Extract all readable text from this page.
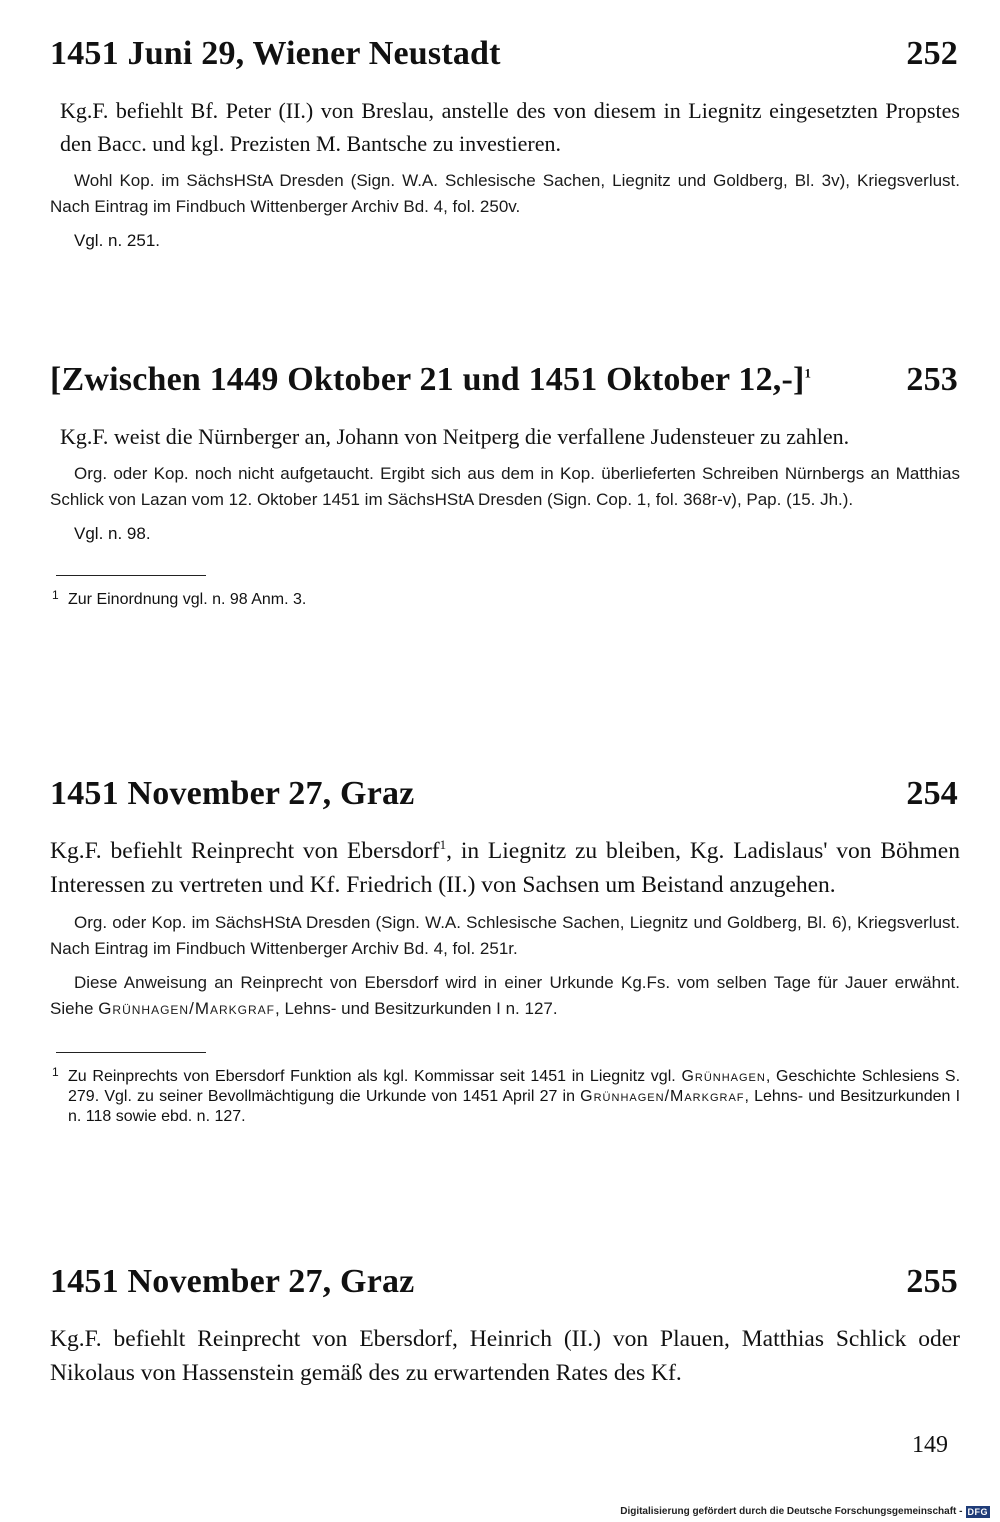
1451 Juni 29, Wiener Neustadt	252
Kg.F. befiehlt Bf. Peter (II.) von Breslau, anstelle des von diesem in Liegnitz eingesetzten Propstes den Bacc. und kgl. Prezisten M. Bantsche zu investieren.
Wohl Kop. im SächsHStA Dresden (Sign. W.A. Schlesische Sachen, Liegnitz und Goldberg, Bl. 3v), Kriegsverlust. Nach Eintrag im Findbuch Wittenberger Archiv Bd. 4, fol. 250v.
Vgl. n. 251.
[Zwischen 1449 Oktober 21 und 1451 Oktober 12,-]$^1$	253
Kg.F. weist die Nürnberger an, Johann von Neitperg die verfallene Judensteuer zu zahlen.
Org. oder Kop. noch nicht aufgetaucht. Ergibt sich aus dem in Kop. überlieferten Schreiben Nürnbergs an Matthias Schlick von Lazan vom 12. Oktober 1451 im SächsHStA Dresden (Sign. Cop. 1, fol. 368r-v), Pap. (15. Jh.).
Vgl. n. 98.
1 Zur Einordnung vgl. n. 98 Anm. 3.
1451 November 27, Graz	254
Kg.F. befiehlt Reinprecht von Ebersdorf$^1$, in Liegnitz zu bleiben, Kg. Ladislaus' von Böhmen Interessen zu vertreten und Kf. Friedrich (II.) von Sachsen um Beistand anzugehen.
Org. oder Kop. im SächsHStA Dresden (Sign. W.A. Schlesische Sachen, Liegnitz und Goldberg, Bl. 6), Kriegsverlust. Nach Eintrag im Findbuch Wittenberger Archiv Bd. 4, fol. 251r.
Diese Anweisung an Reinprecht von Ebersdorf wird in einer Urkunde Kg.Fs. vom selben Tage für Jauer erwähnt. Siehe Grünhagen/Markgraf, Lehns- und Besitzurkunden I n. 127.
1 Zu Reinprechts von Ebersdorf Funktion als kgl. Kommissar seit 1451 in Liegnitz vgl. Grünhagen, Geschichte Schlesiens S. 279. Vgl. zu seiner Bevollmächtigung die Urkunde von 1451 April 27 in Grünhagen/Markgraf, Lehns- und Besitzurkunden I n. 118 sowie ebd. n. 127.
1451 November 27, Graz	255
Kg.F. befiehlt Reinprecht von Ebersdorf, Heinrich (II.) von Plauen, Matthias Schlick oder Nikolaus von Hassenstein gemäß des zu erwartenden Rates des Kf.
149
Digitalisierung gefördert durch die Deutsche Forschungsgemeinschaft - DFG
